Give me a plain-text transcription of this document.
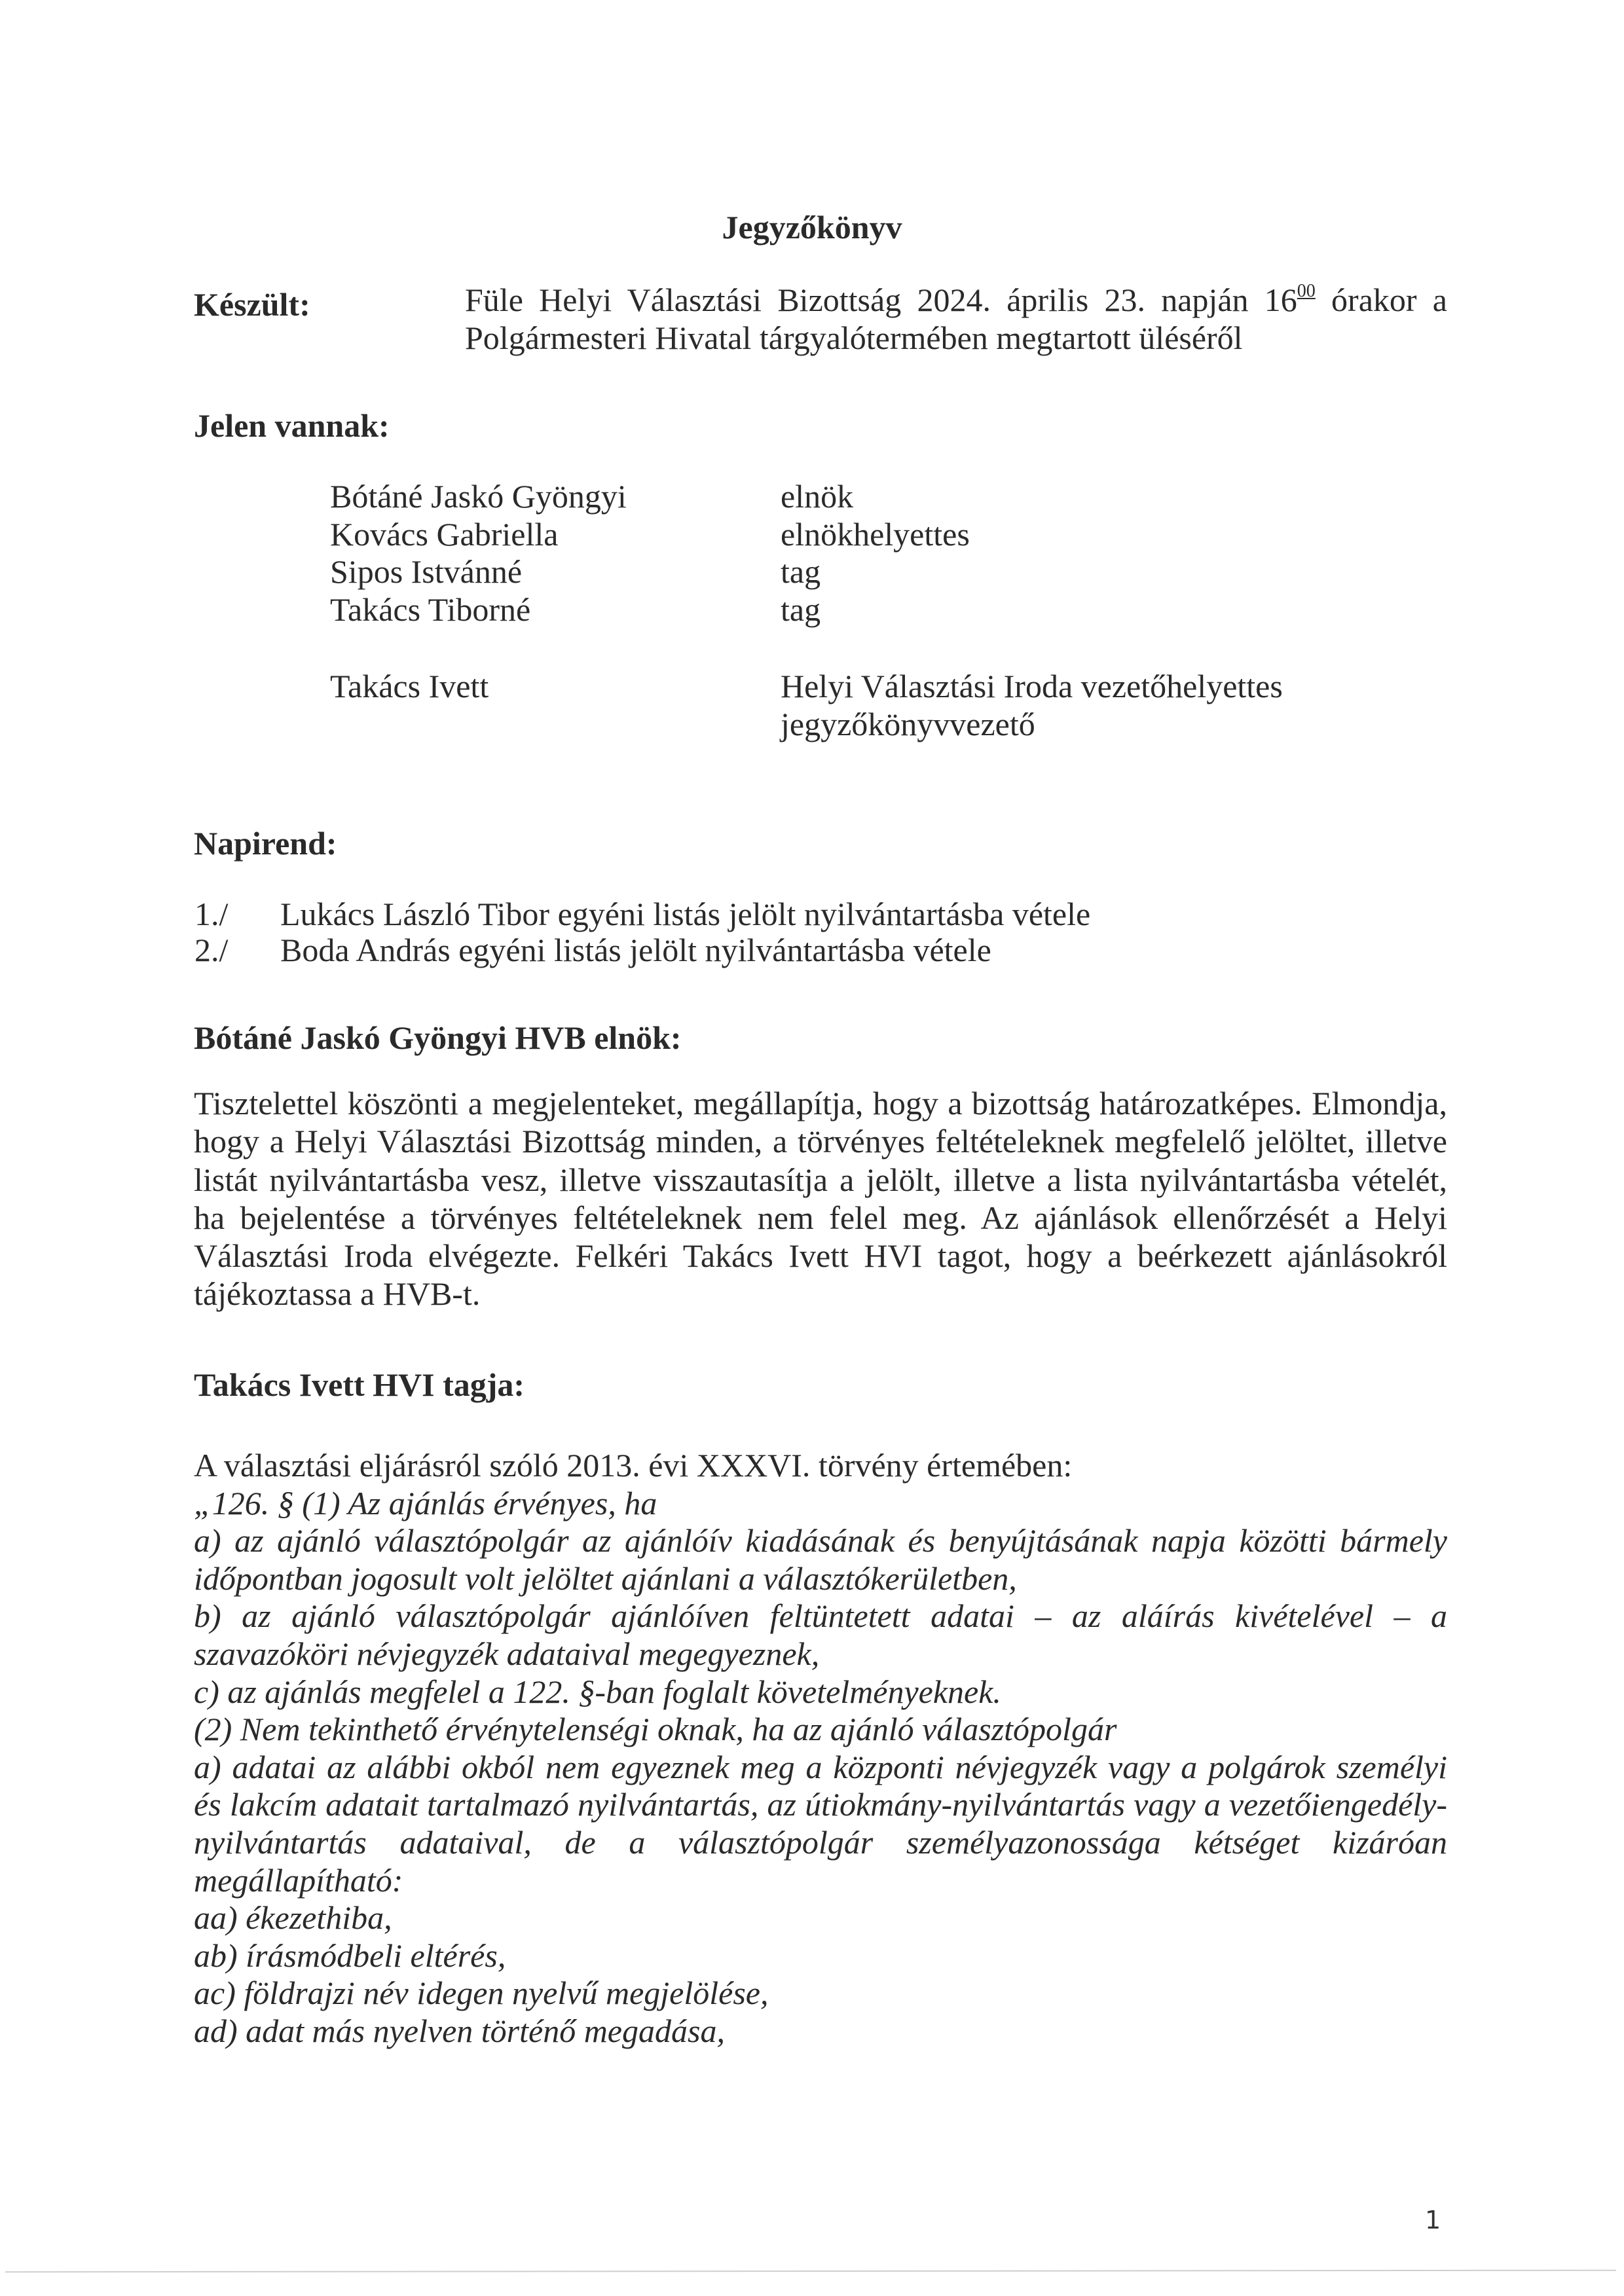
Jegyzőkönyv
Készült:	Füle Helyi Választási Bizottság 2024. április 23. napján $16^{00}$ órakor a
Polgármesteri Hivatal tárgyalótermében megtartott üléséről
Jelen vannak:
Bótáné Jaskó Gyöngyi	elnök
Kovács Gabriella	elnökhelyettes
Sipos Istvánné	tag
Takács Tiborné	tag
Takács Ivett	Helyi Választási Iroda vezetőhelyettes
jegyzőkönyvvezető
Napirend:
1./	Lukács László Tibor egyéni listás jelölt nyilvántartásba vétele
2./	Boda András egyéni listás jelölt nyilvántartásba vétele
Bótáné Jaskó Gyöngyi HVB elnök:
Tisztelettel köszönti a megjelenteket, megállapítja, hogy a bizottság határozatképes. Elmondja,
hogy a Helyi Választási Bizottság minden, a törvényes feltételeknek megfelelő jelöltet, illetve
listát nyilvántartásba vesz, illetve visszautasítja a jelölt, illetve a lista nyilvántartásba vételét,
ha bejelentése a törvényes feltételeknek nem felel meg. Az ajánlások ellenőrzését a Helyi
Választási Iroda elvégezte. Felkéri Takács Ivett HVI tagot, hogy a beérkezett ajánlásokról
tájékoztassa a HVB-t.
Takács Ivett HVI tagja:
A választási eljárásról szóló 2013. évi XXXVI. törvény értemében:
„126. § (1) Az ajánlás érvényes, ha
a) az ajánló választópolgár az ajánlóív kiadásának és benyújtásának napja közötti bármely
időpontban jogosult volt jelöltet ajánlani a választókerületben,
b) az ajánló választópolgár ajánlóíven feltüntetett adatai – az aláírás kivételével – a
szavazóköri névjegyzék adataival megegyeznek,
c) az ajánlás megfelel a 122. §-ban foglalt követelményeknek.
(2) Nem tekinthető érvénytelenségi oknak, ha az ajánló választópolgár
a) adatai az alábbi okból nem egyeznek meg a központi névjegyzék vagy a polgárok személyi
és lakcím adatait tartalmazó nyilvántartás, az útiokmány-nyilvántartás vagy a vezetőiengedély-
nyilvántartás adataival, de a választópolgár személyazonossága kétséget kizáróan
megállapítható:
aa) ékezethiba,
ab) írásmódbeli eltérés,
ac) földrajzi név idegen nyelvű megjelölése,
ad) adat más nyelven történő megadása,
1
